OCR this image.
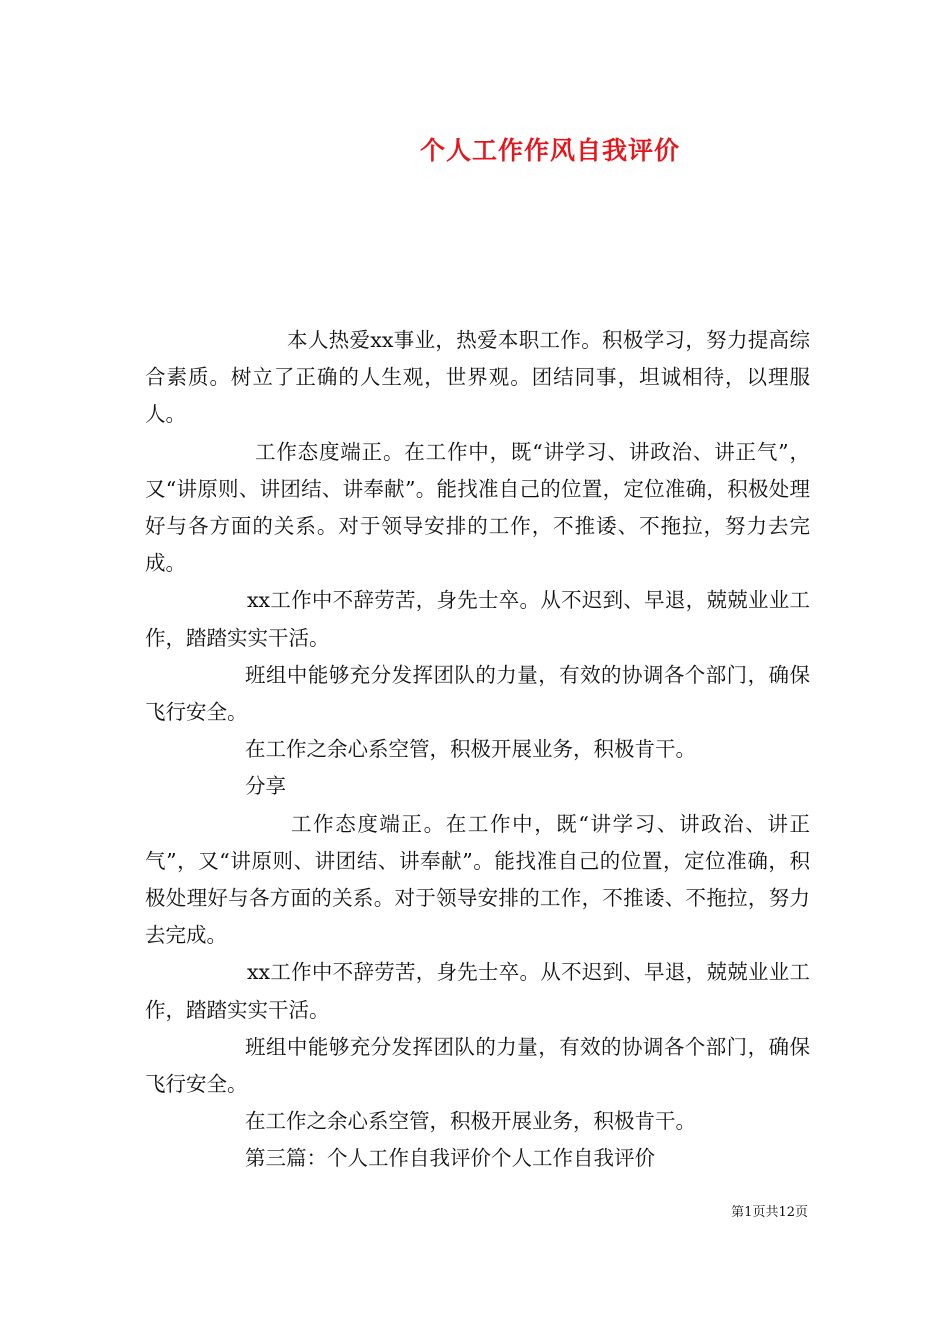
个人工作作风自我评价

本人热爱xx事业，热爱本职工作。积极学习，努力提高综合素质。树立了正确的人生观，世界观。团结同事，坦诚相待，以理服人。

工作态度端正。在工作中，既“讲学习、讲政治、讲正气”，又“讲原则、讲团结、讲奉献”。能找准自己的位置，定位准确，积极处理好与各方面的关系。对于领导安排的工作，不推诿、不拖拉，努力去完成。

xx工作中不辞劳苦，身先士卒。从不迟到、早退，兢兢业业工作，踏踏实实干活。

班组中能够充分发挥团队的力量，有效的协调各个部门，确保飞行安全。

在工作之余心系空管，积极开展业务，积极肯干。

分享

工作态度端正。在工作中，既“讲学习、讲政治、讲正气”，又“讲原则、讲团结、讲奉献”。能找准自己的位置，定位准确，积极处理好与各方面的关系。对于领导安排的工作，不推诿、不拖拉，努力去完成。

xx工作中不辞劳苦，身先士卒。从不迟到、早退，兢兢业业工作，踏踏实实干活。

班组中能够充分发挥团队的力量，有效的协调各个部门，确保飞行安全。

在工作之余心系空管，积极开展业务，积极肯干。

第三篇：个人工作自我评价个人工作自我评价

第1页共12页
